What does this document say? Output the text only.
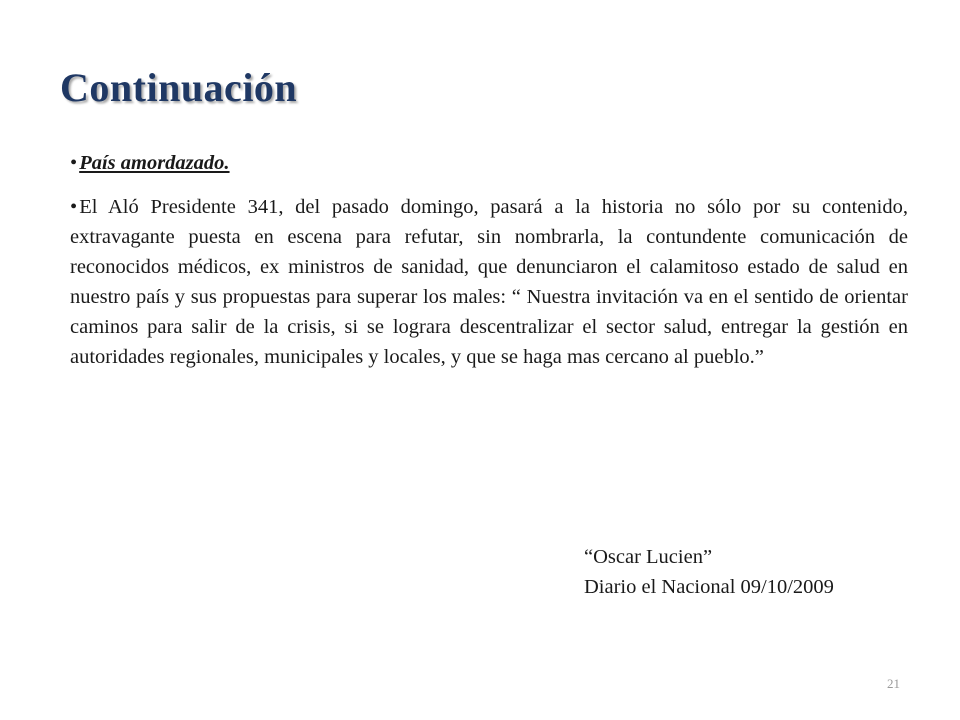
Continuación

•País amordazado.

•El Aló Presidente 341, del pasado domingo, pasará a la historia no sólo por su contenido, extravagante puesta en escena para refutar, sin nombrarla, la contundente comunicación de reconocidos médicos, ex ministros de sanidad, que denunciaron el calamitoso estado de salud en nuestro país y sus propuestas para superar los males: “ Nuestra invitación va en el sentido de orientar caminos para salir de la crisis, si se lograra descentralizar el sector salud, entregar la gestión en autoridades regionales, municipales y locales, y que se haga mas cercano al pueblo.”

“Oscar Lucien”
Diario el Nacional 09/10/2009
21
